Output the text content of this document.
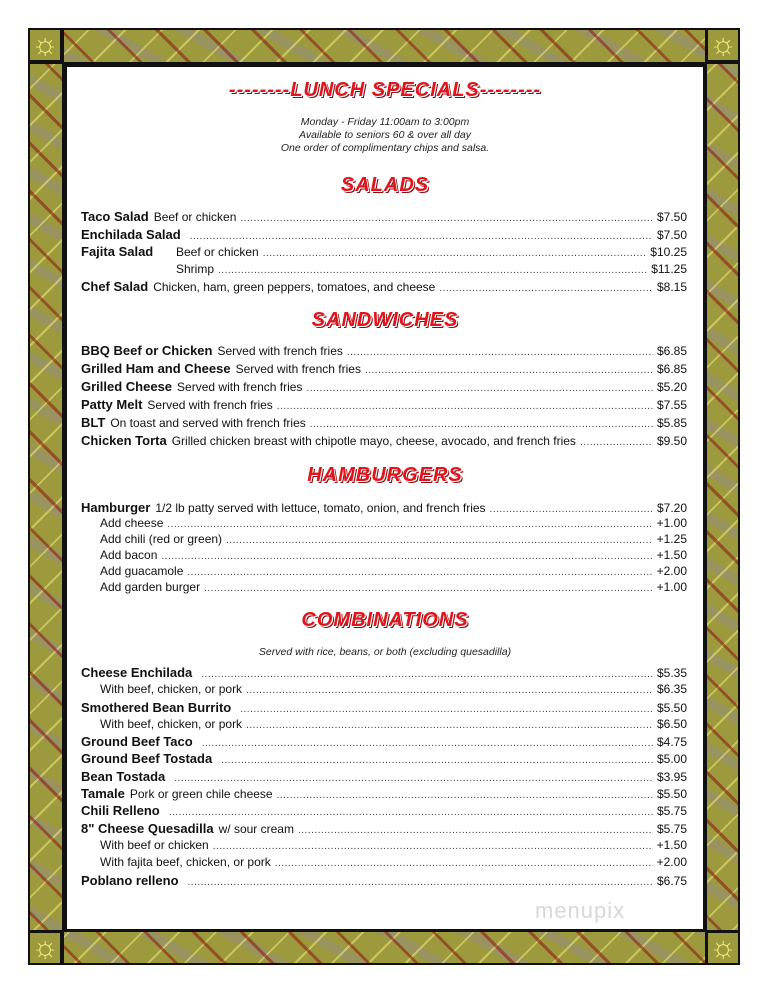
☼	☼
☼	☼
--------LUNCH SPECIALS--------
Monday - Friday 11:00am to 3:00pm
Available to seniors 60 & over all day
One order of complimentary chips and salsa.
SALADS
Taco Salad Beef or chicken .....	$7.50
Enchilada Salad .....	$7.50
Fajita Salad	Beef or chicken .....	$10.25
Shrimp .....	$11.25
Chef Salad Chicken, ham, green peppers, tomatoes, and cheese .....	$8.15
SANDWICHES
BBQ Beef or Chicken Served with french fries .....	$6.85
Grilled Ham and Cheese Served with french fries .....	$6.85
Grilled Cheese Served with french fries .....	$5.20
Patty Melt Served with french fries .....	$7.55
BLT On toast and served with french fries .....	$5.85
Chicken Torta Grilled chicken breast with chipotle mayo, cheese, avocado, and french fries .....	$9.50
HAMBURGERS
Hamburger 1/2 lb patty served with lettuce, tomato, onion, and french fries .....	$7.20
Add cheese .....	+1.00
Add chili (red or green) .....	+1.25
Add bacon .....	+1.50
Add guacamole .....	+2.00
Add garden burger .....	+1.00
COMBINATIONS
Served with rice, beans, or both (excluding quesadilla)
Cheese Enchilada .....	$5.35
With beef, chicken, or pork .....	$6.35
Smothered Bean Burrito .....	$5.50
With beef, chicken, or pork .....	$6.50
Ground Beef Taco .....	$4.75
Ground Beef Tostada .....	$5.00
Bean Tostada .....	$3.95
Tamale Pork or green chile cheese .....	$5.50
Chili Relleno .....	$5.75
8" Cheese Quesadilla w/ sour cream .....	$5.75
With beef or chicken .....	+1.50
With fajita beef, chicken, or pork .....	+2.00
Poblano relleno .....	$6.75
menupix
